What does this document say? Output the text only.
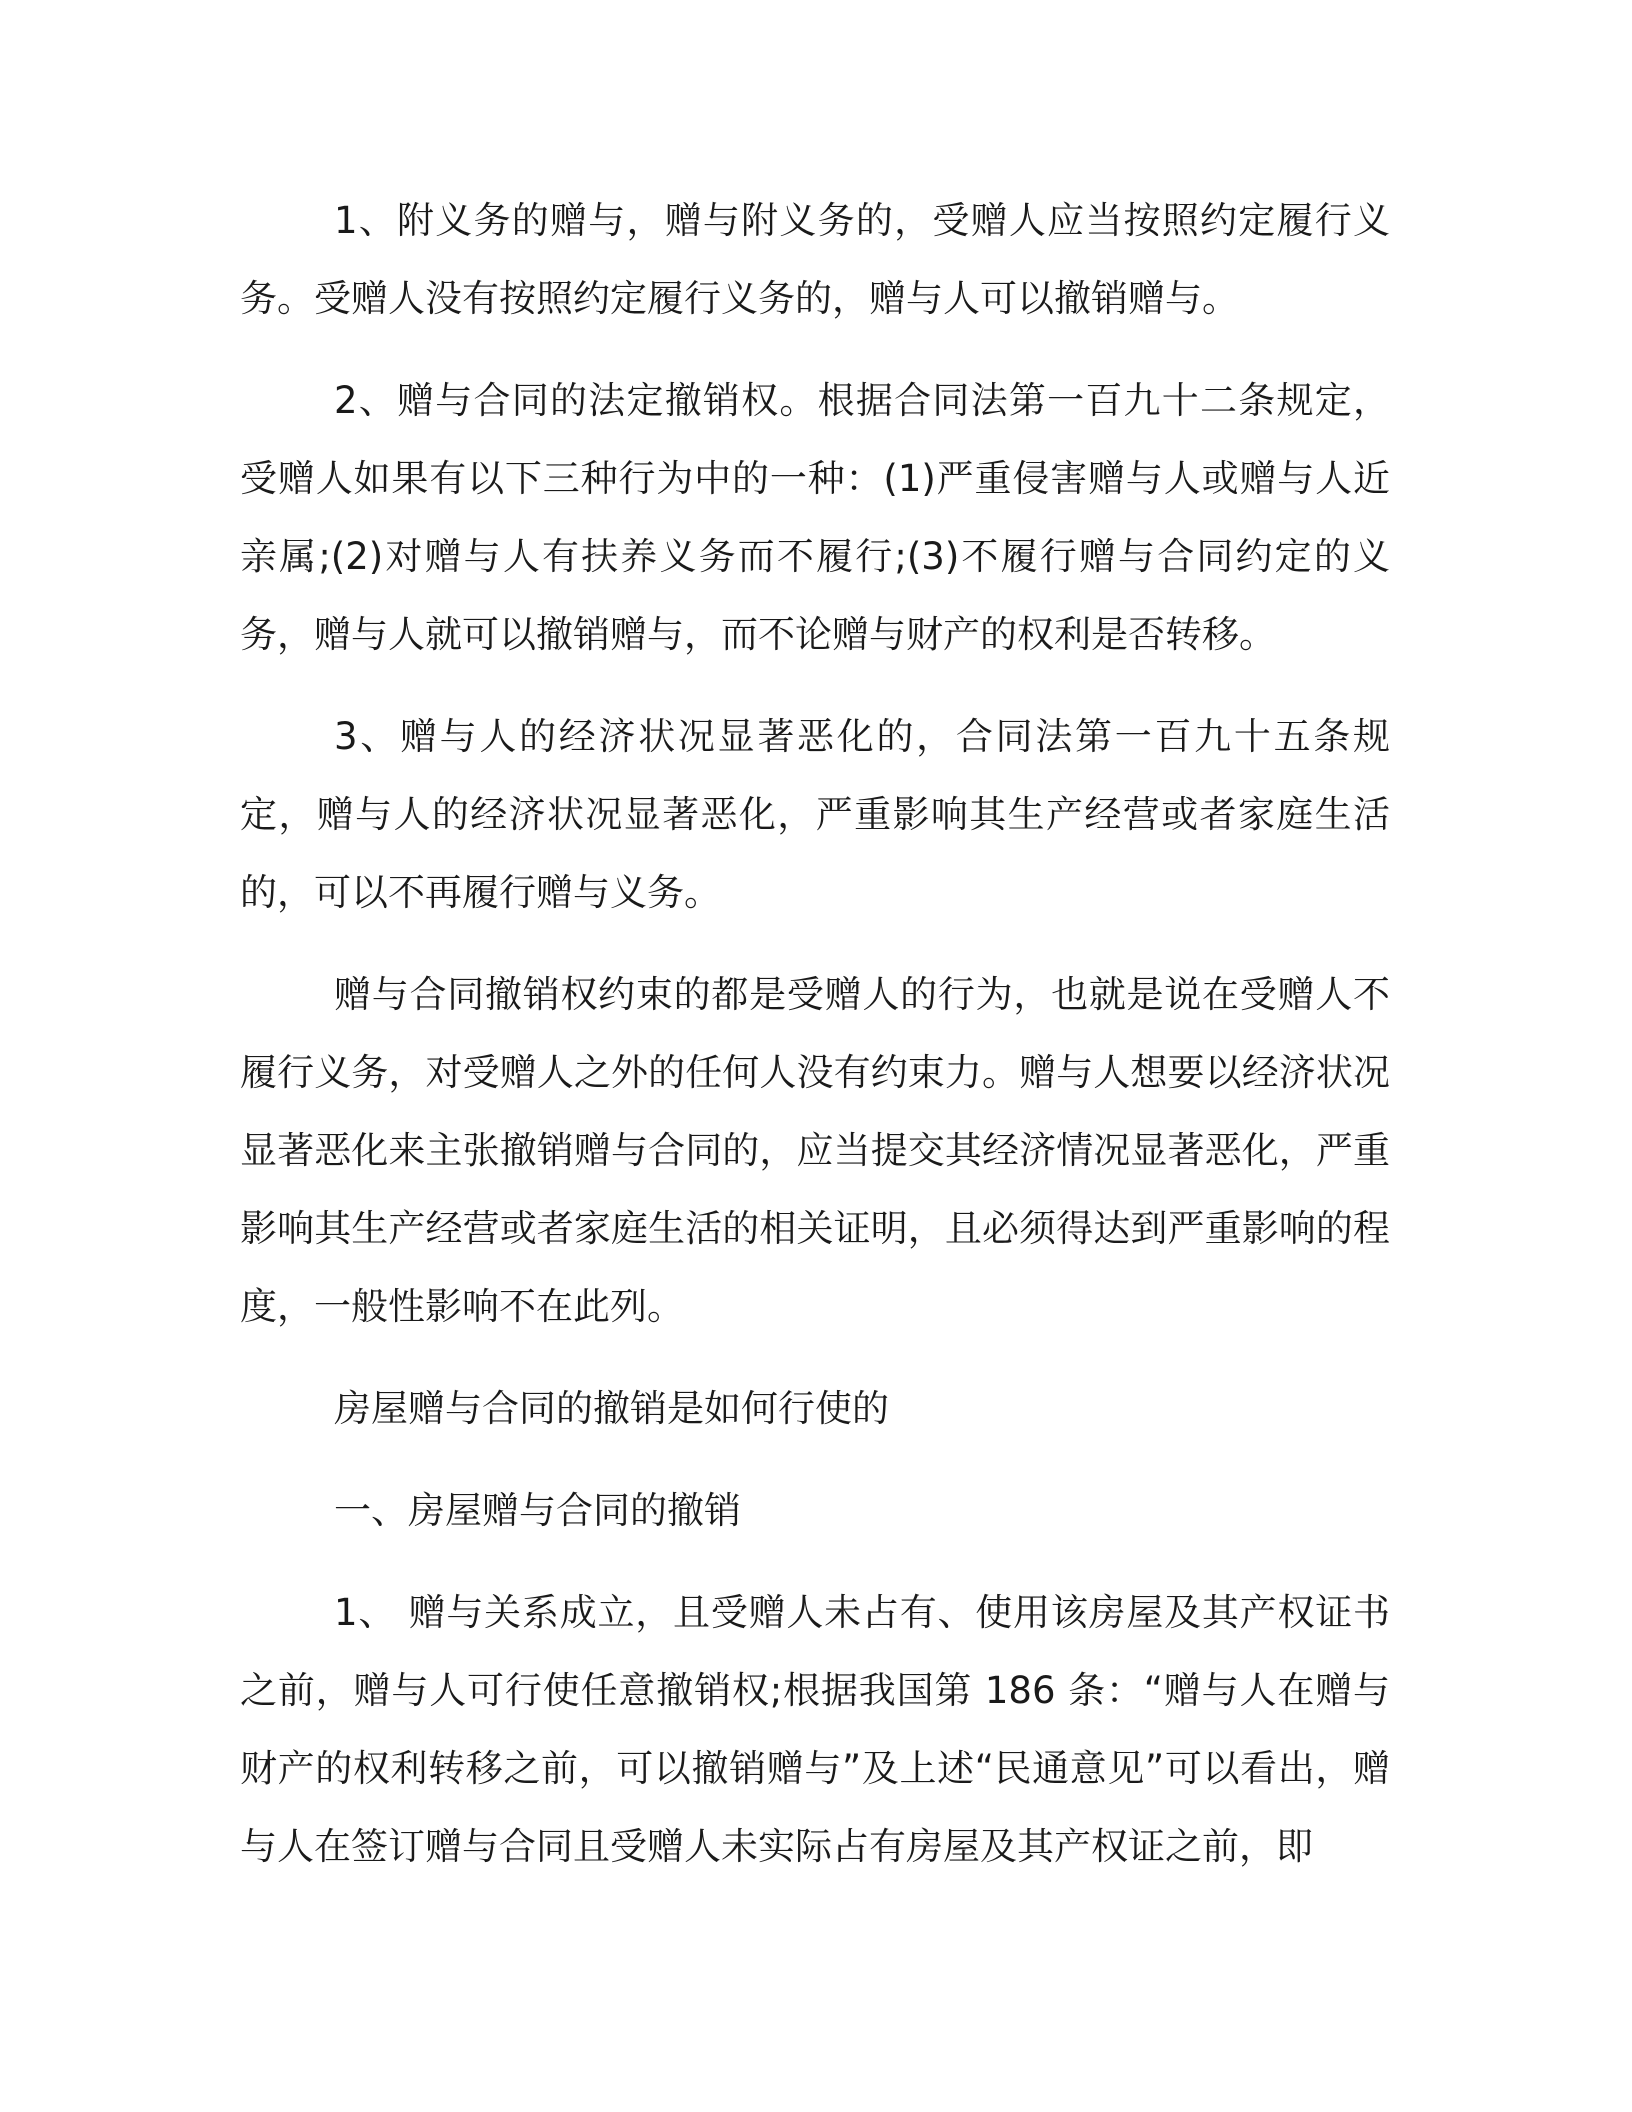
1、附义务的赠与，赠与附义务的，受赠人应当按照约定履行义务。受赠人没有按照约定履行义务的，赠与人可以撤销赠与。

2、赠与合同的法定撤销权。根据合同法第一百九十二条规定，受赠人如果有以下三种行为中的一种：(1)严重侵害赠与人或赠与人近亲属;(2)对赠与人有扶养义务而不履行;(3)不履行赠与合同约定的义务，赠与人就可以撤销赠与，而不论赠与财产的权利是否转移。

3、赠与人的经济状况显著恶化的，合同法第一百九十五条规定，赠与人的经济状况显著恶化，严重影响其生产经营或者家庭生活的，可以不再履行赠与义务。

赠与合同撤销权约束的都是受赠人的行为，也就是说在受赠人不履行义务，对受赠人之外的任何人没有约束力。赠与人想要以经济状况显著恶化来主张撤销赠与合同的，应当提交其经济情况显著恶化，严重影响其生产经营或者家庭生活的相关证明，且必须得达到严重影响的程度，一般性影响不在此列。

房屋赠与合同的撤销是如何行使的

一、房屋赠与合同的撤销

1、 赠与关系成立，且受赠人未占有、使用该房屋及其产权证书之前，赠与人可行使任意撤销权;根据我国第 186 条：“赠与人在赠与财产的权利转移之前，可以撤销赠与”及上述“民通意见”可以看出，赠与人在签订赠与合同且受赠人未实际占有房屋及其产权证之前，即
